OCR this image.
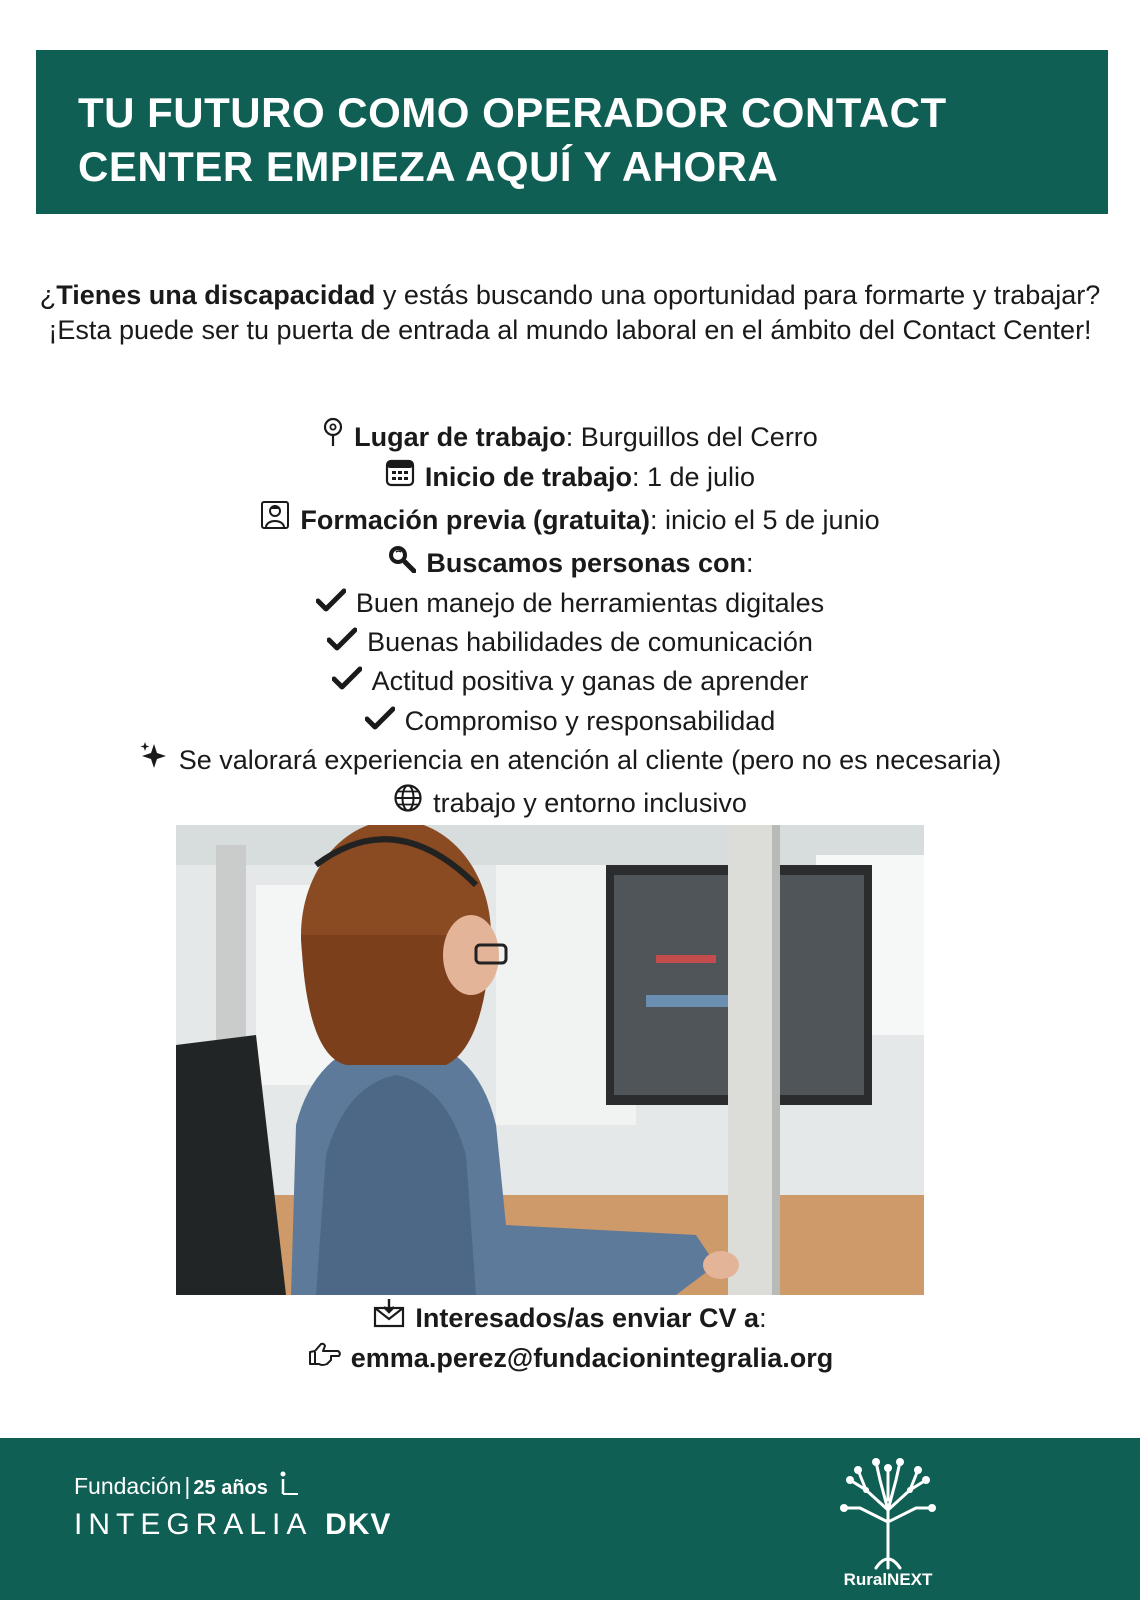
TU FUTURO COMO OPERADOR CONTACT
CENTER EMPIEZA AQUÍ Y AHORA

¿Tienes una discapacidad y estás buscando una oportunidad para formarte y trabajar?

¡Esta puede ser tu puerta de entrada al mundo laboral en el ámbito del Contact Center!

Lugar de trabajo: Burguillos del Cerro
Inicio de trabajo: 1 de julio
Formación previa (gratuita): inicio el 5 de junio
Buscamos personas con:
Buen manejo de herramientas digitales
Buenas habilidades de comunicación
Actitud positiva y ganas de aprender
Compromiso y responsabilidad
Se valorará experiencia en atención al cliente (pero no es necesaria)
trabajo y entorno inclusivo
Interesados/as enviar CV a:
emma.perez@fundacionintegralia.org
Fundación | 25 años
INTEGRALIA DKV
RuralNEXT
